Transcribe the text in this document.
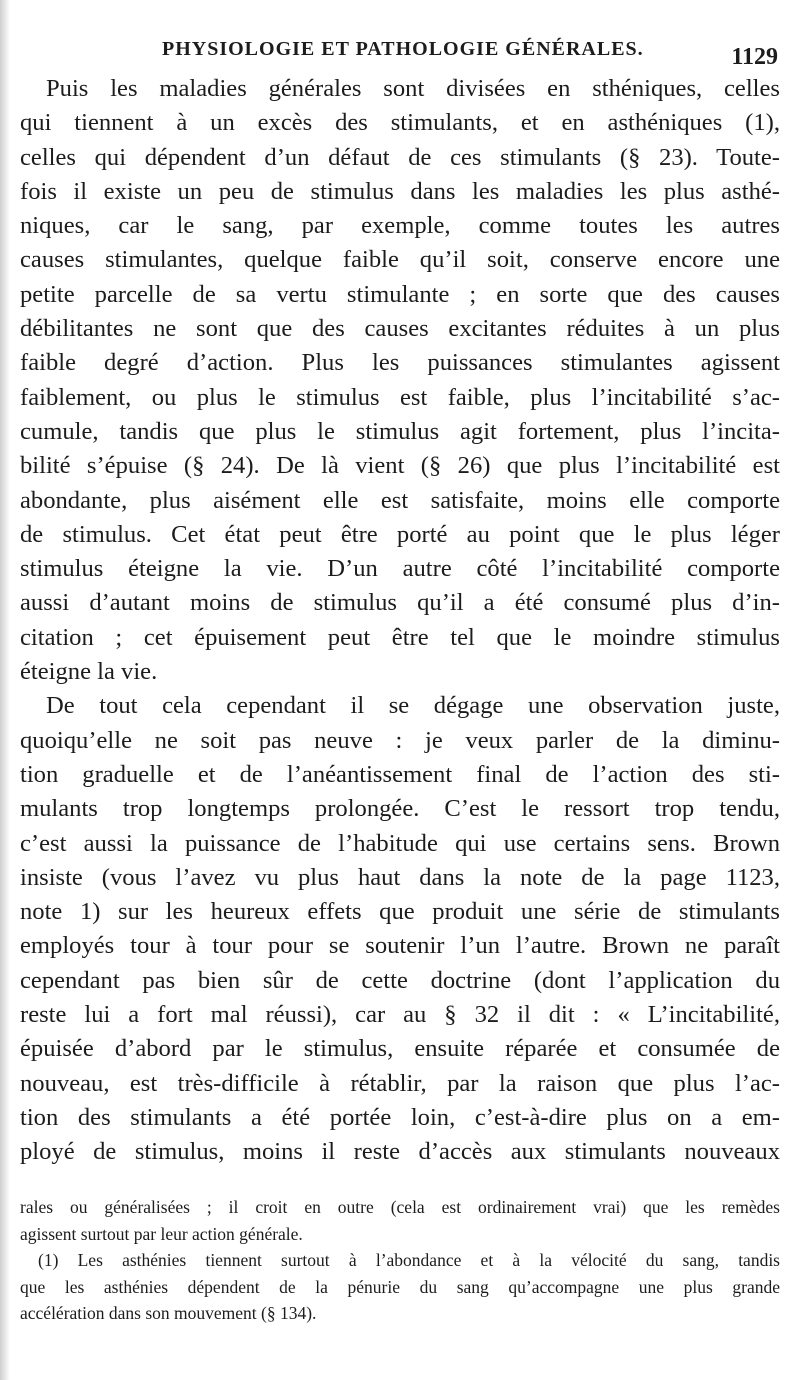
PHYSIOLOGIE ET PATHOLOGIE GÉNÉRALES.	1129
Puis les maladies générales sont divisées en sthéniques, celles
qui tiennent à un excès des stimulants, et en asthéniques (1),
celles qui dépendent d’un défaut de ces stimulants (§ 23). Toute-
fois il existe un peu de stimulus dans les maladies les plus asthé-
niques, car le sang, par exemple, comme toutes les autres
causes stimulantes, quelque faible qu’il soit, conserve encore une
petite parcelle de sa vertu stimulante ; en sorte que des causes
débilitantes ne sont que des causes excitantes réduites à un plus
faible degré d’action. Plus les puissances stimulantes agissent
faiblement, ou plus le stimulus est faible, plus l’incitabilité s’ac-
cumule, tandis que plus le stimulus agit fortement, plus l’incita-
bilité s’épuise (§ 24). De là vient (§ 26) que plus l’incitabilité est
abondante, plus aisément elle est satisfaite, moins elle comporte
de stimulus. Cet état peut être porté au point que le plus léger
stimulus éteigne la vie. D’un autre côté l’incitabilité comporte
aussi d’autant moins de stimulus qu’il a été consumé plus d’in-
citation ; cet épuisement peut être tel que le moindre stimulus
éteigne la vie.
De tout cela cependant il se dégage une observation juste,
quoiqu’elle ne soit pas neuve : je veux parler de la diminu-
tion graduelle et de l’anéantissement final de l’action des sti-
mulants trop longtemps prolongée. C’est le ressort trop tendu,
c’est aussi la puissance de l’habitude qui use certains sens. Brown
insiste (vous l’avez vu plus haut dans la note de la page 1123,
note 1) sur les heureux effets que produit une série de stimulants
employés tour à tour pour se soutenir l’un l’autre. Brown ne paraît
cependant pas bien sûr de cette doctrine (dont l’application du
reste lui a fort mal réussi), car au § 32 il dit : « L’incitabilité,
épuisée d’abord par le stimulus, ensuite réparée et consumée de
nouveau, est très-difficile à rétablir, par la raison que plus l’ac-
tion des stimulants a été portée loin, c’est-à-dire plus on a em-
ployé de stimulus, moins il reste d’accès aux stimulants nouveaux
rales ou généralisées ; il croit en outre (cela est ordinairement vrai) que les remèdes
agissent surtout par leur action générale.
(1) Les asthénies tiennent surtout à l’abondance et à la vélocité du sang, tandis
que les asthénies dépendent de la pénurie du sang qu’accompagne une plus grande
accélération dans son mouvement (§ 134).
